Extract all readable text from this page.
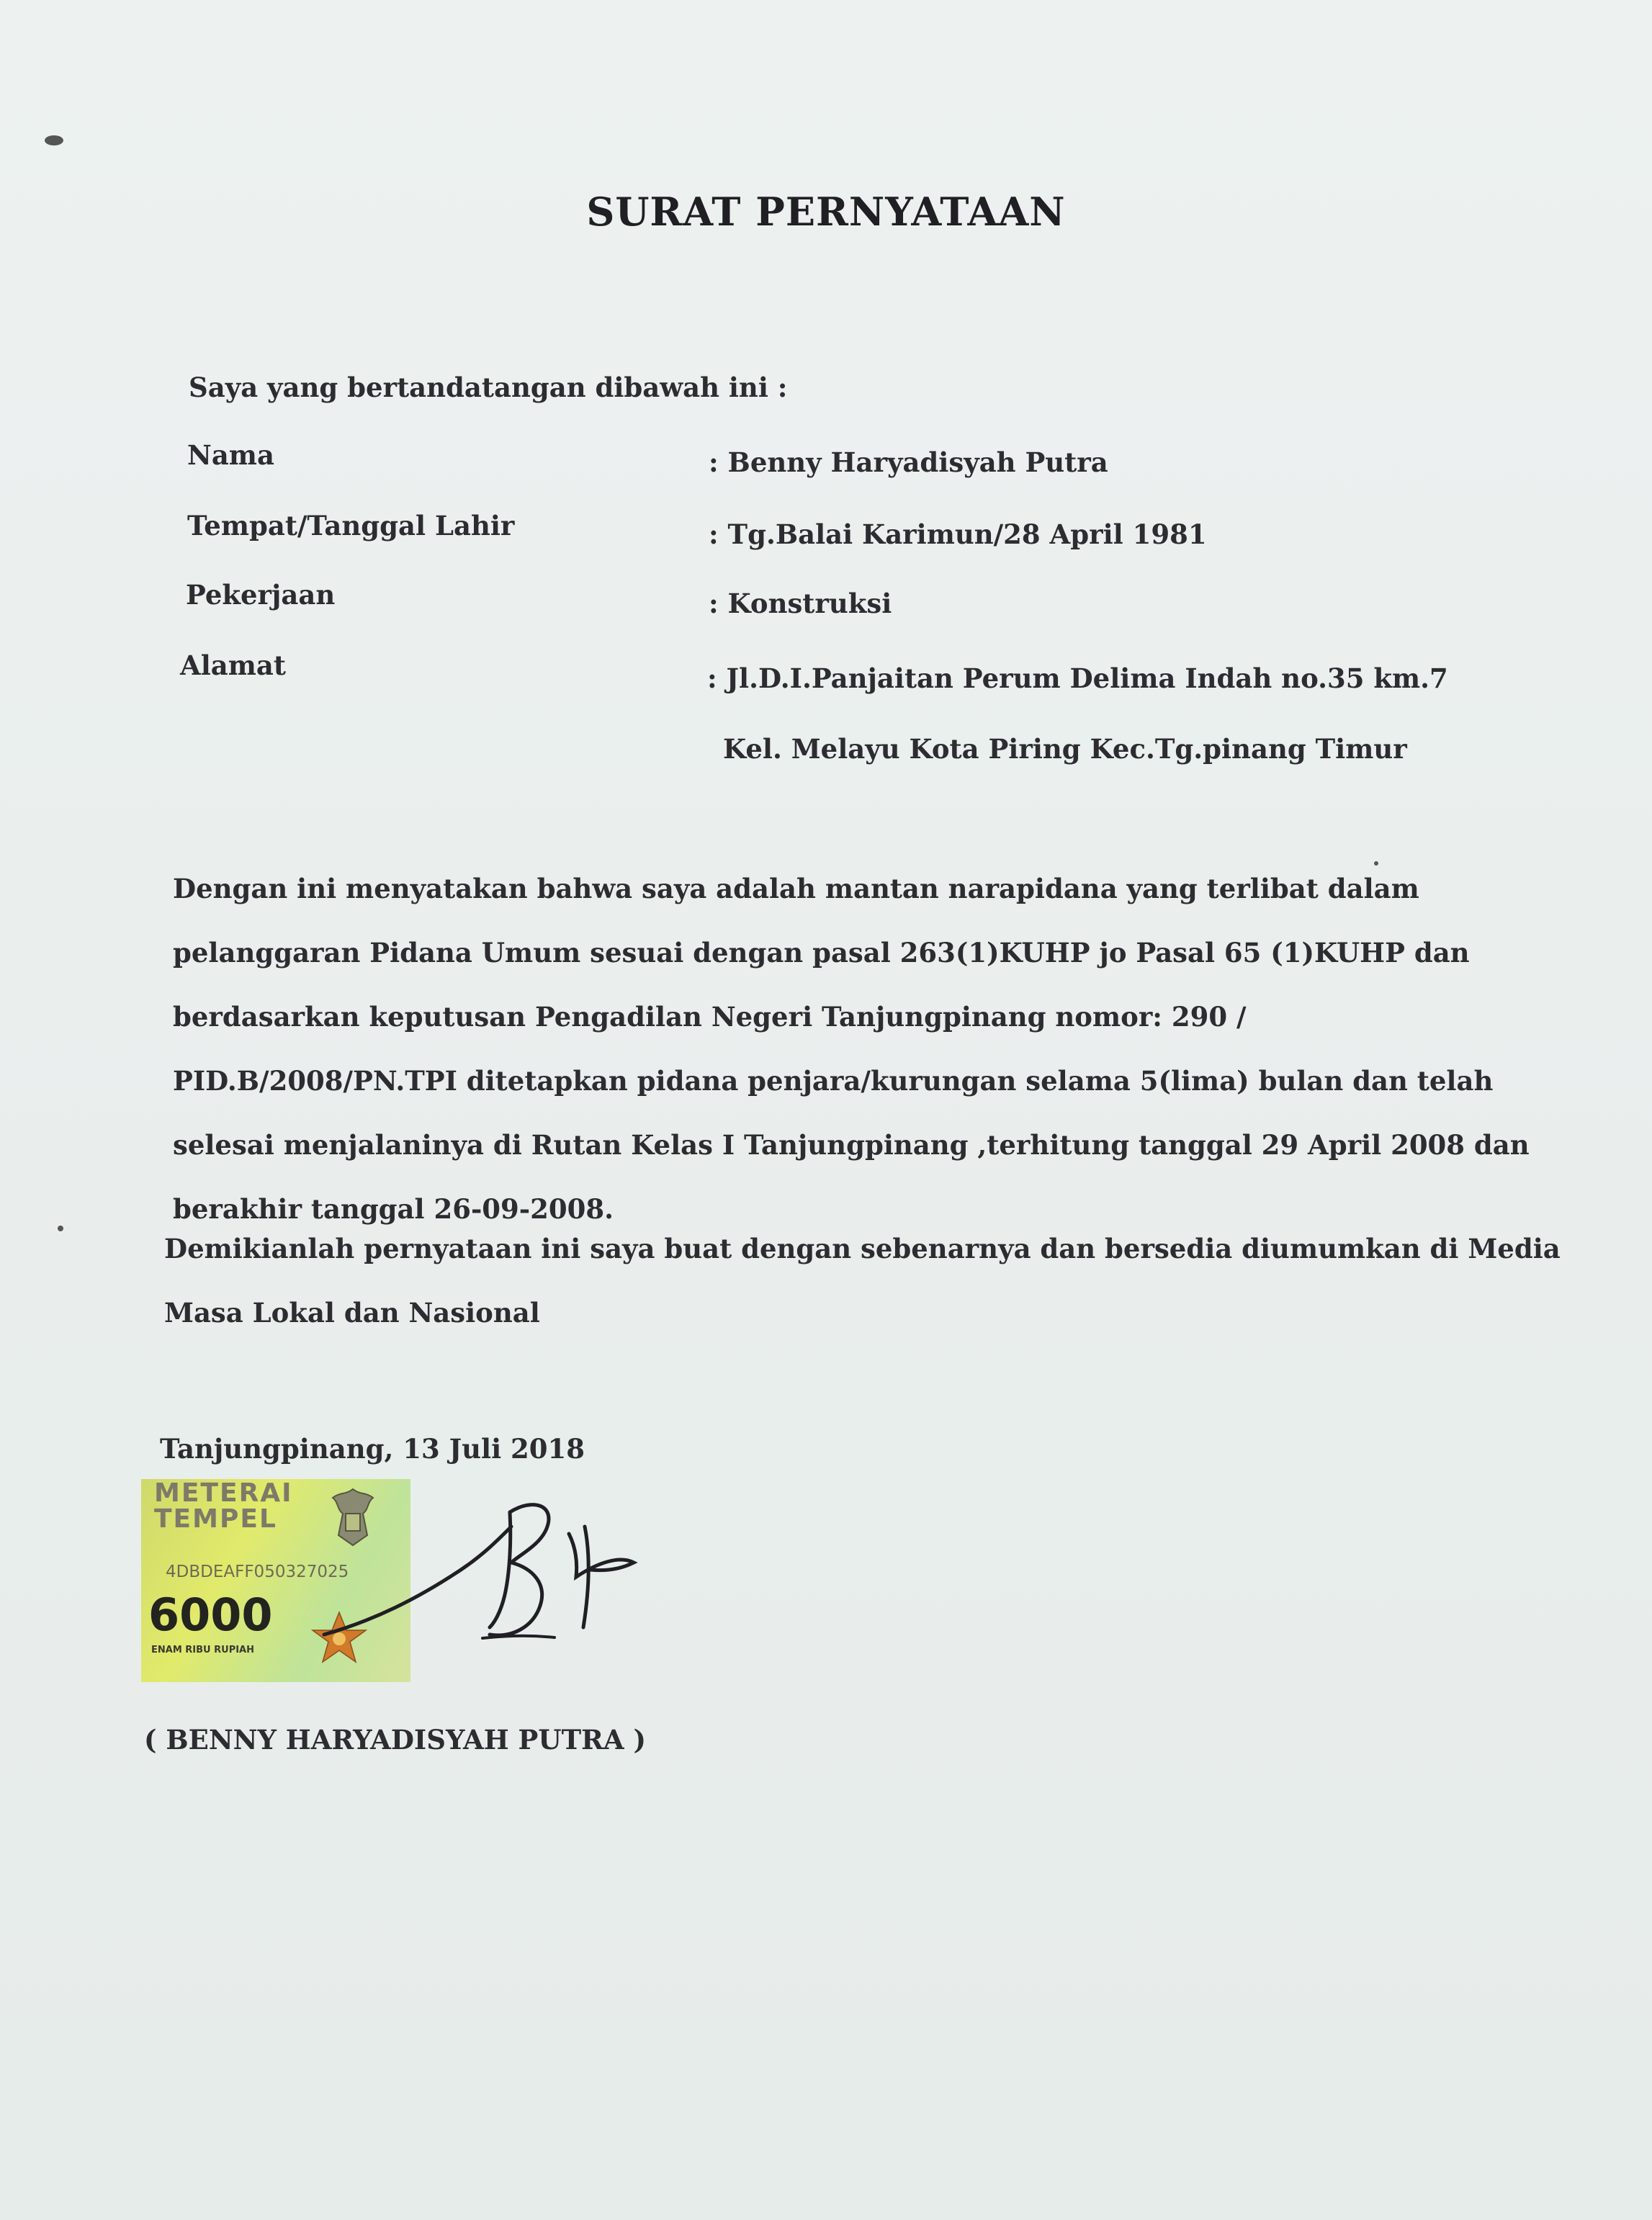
SURAT PERNYATAAN
Saya yang bertandatangan dibawah ini :
Nama	: Benny Haryadisyah Putra
Tempat/Tanggal Lahir	: Tg.Balai Karimun/28 April 1981
Pekerjaan	: Konstruksi
Alamat	: Jl.D.I.Panjaitan Perum Delima Indah no.35 km.7
Kel. Melayu Kota Piring Kec.Tg.pinang Timur
Dengan ini menyatakan bahwa saya adalah mantan narapidana yang terlibat dalam
pelanggaran Pidana Umum sesuai dengan pasal 263(1)KUHP jo Pasal 65 (1)KUHP dan
berdasarkan keputusan Pengadilan Negeri Tanjungpinang nomor: 290 /
PID.B/2008/PN.TPI ditetapkan pidana penjara/kurungan selama 5(lima) bulan dan telah
selesai menjalaninya di Rutan Kelas I Tanjungpinang ,terhitung tanggal 29 April 2008 dan
berakhir tanggal 26-09-2008.
Demikianlah pernyataan ini saya buat dengan sebenarnya dan bersedia diumumkan di Media
Masa Lokal dan Nasional
Tanjungpinang, 13 Juli 2018
METERAI
TEMPEL
4DBDEAFF050327025
6000
ENAM RIBU RUPIAH
( BENNY HARYADISYAH PUTRA )
